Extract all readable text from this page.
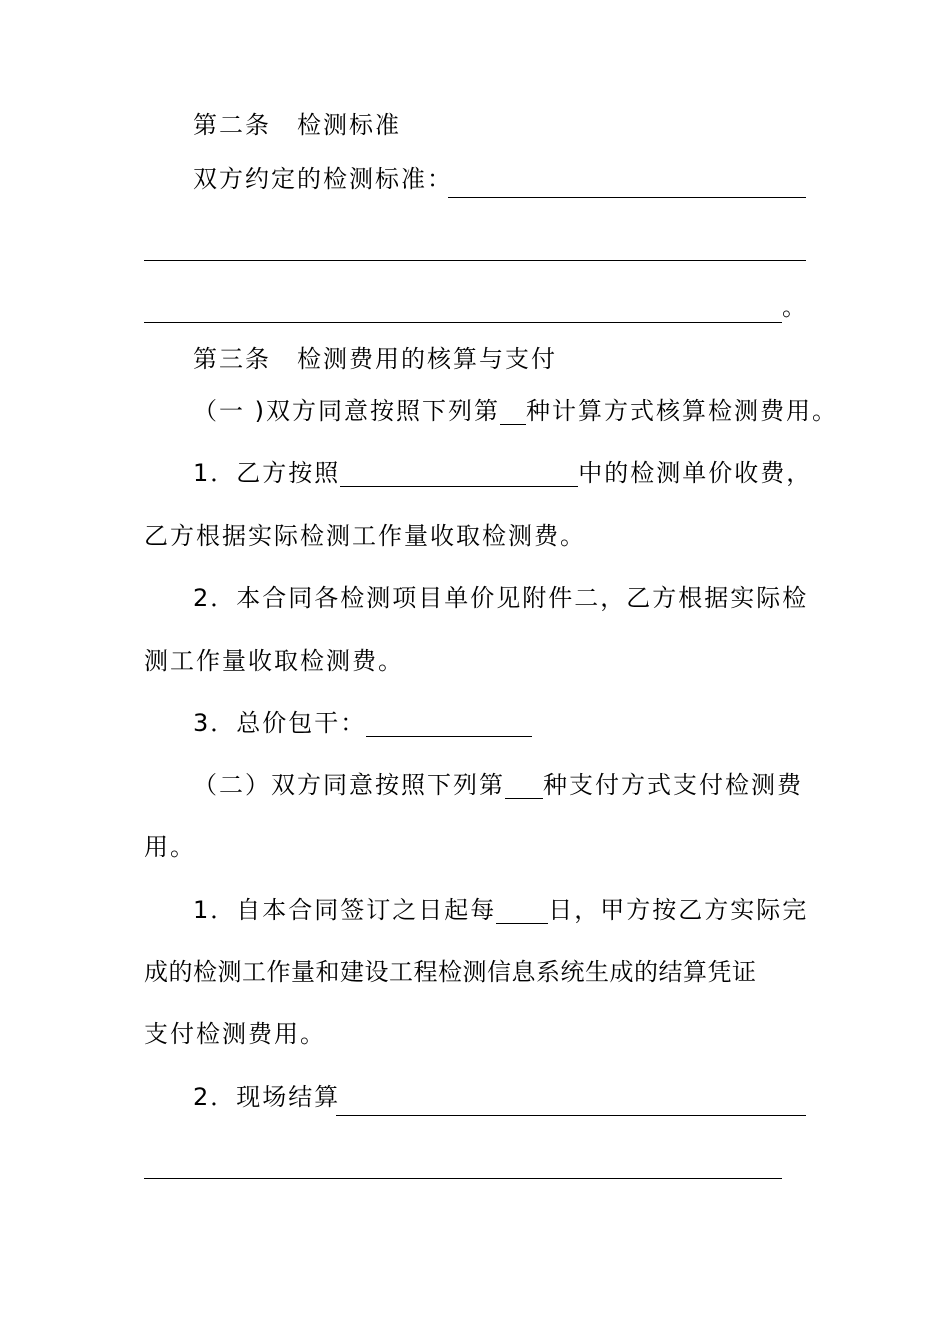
第二条　检测标准
双方约定的检测标准：
。
第三条　检测费用的核算与支付
（一 )双方同意按照下列第 种计算方式核算检测费用。
1．乙方按照	中的检测单价收费，
乙方根据实际检测工作量收取检测费。
2．本合同各检测项目单价见附件二，乙方根据实际检
测工作量收取检测费。
3．总价包干：
（二）双方同意按照下列第 种支付方式支付检测费
用。
1．自本合同签订之日起每 日，甲方按乙方实际完
成的检测工作量和建设工程检测信息系统生成的结算凭证
支付检测费用。
2．现场结算
